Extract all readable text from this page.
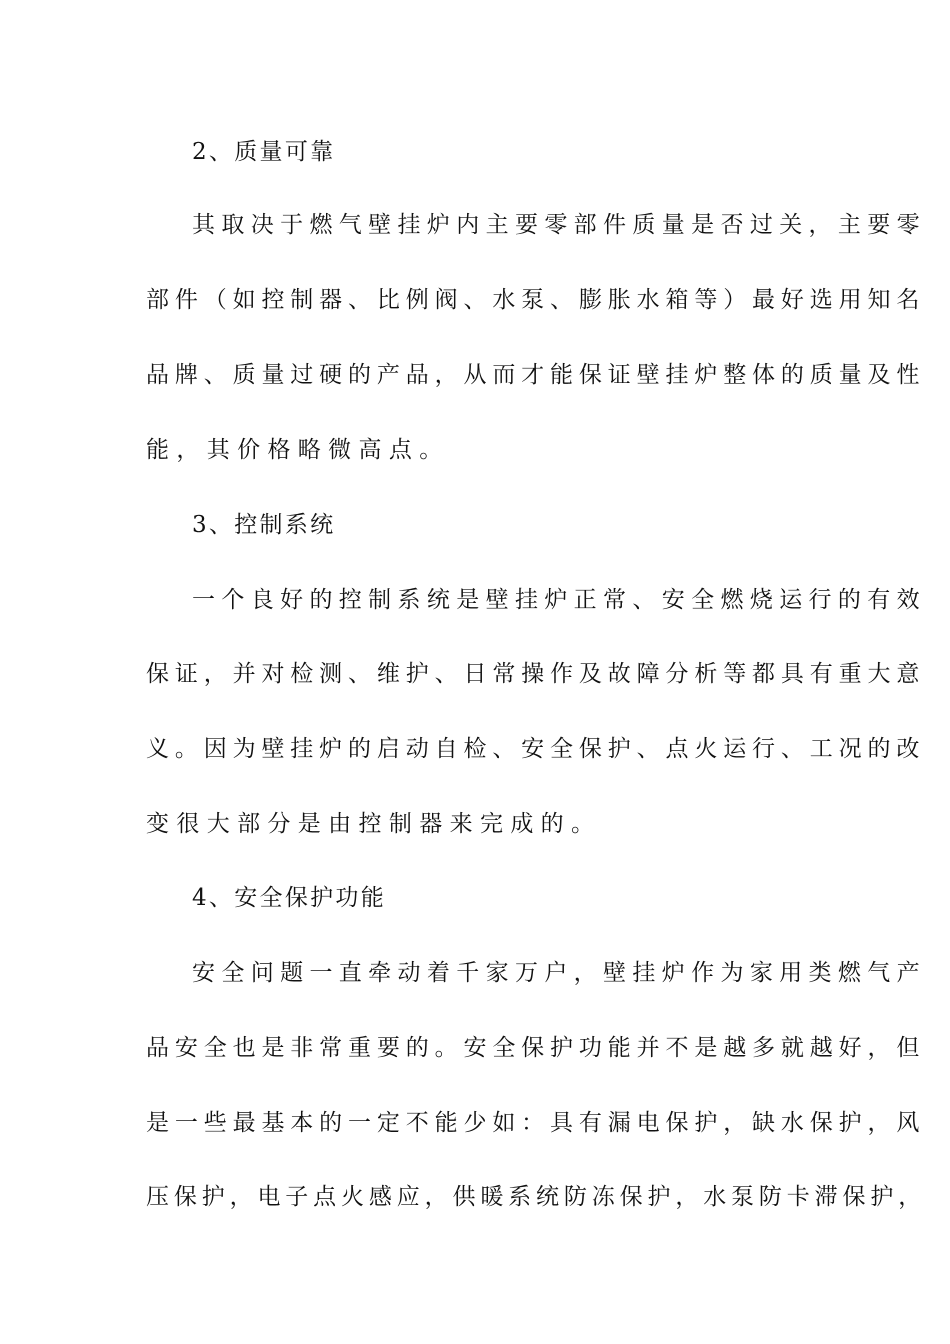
2、质量可靠
其取决于燃气壁挂炉内主要零部件质量是否过关，主要零
部件（如控制器、比例阀、水泵、膨胀水箱等）最好选用知名
品牌、质量过硬的产品，从而才能保证壁挂炉整体的质量及性
能，其价格略微高点。
3、控制系统
一个良好的控制系统是壁挂炉正常、安全燃烧运行的有效
保证，并对检测、维护、日常操作及故障分析等都具有重大意
义。因为壁挂炉的启动自检、安全保护、点火运行、工况的改
变很大部分是由控制器来完成的。
4、安全保护功能
安全问题一直牵动着千家万户，壁挂炉作为家用类燃气产
品安全也是非常重要的。安全保护功能并不是越多就越好，但
是一些最基本的一定不能少如：具有漏电保护，缺水保护，风
压保护，电子点火感应，供暖系统防冻保护，水泵防卡滞保护，
